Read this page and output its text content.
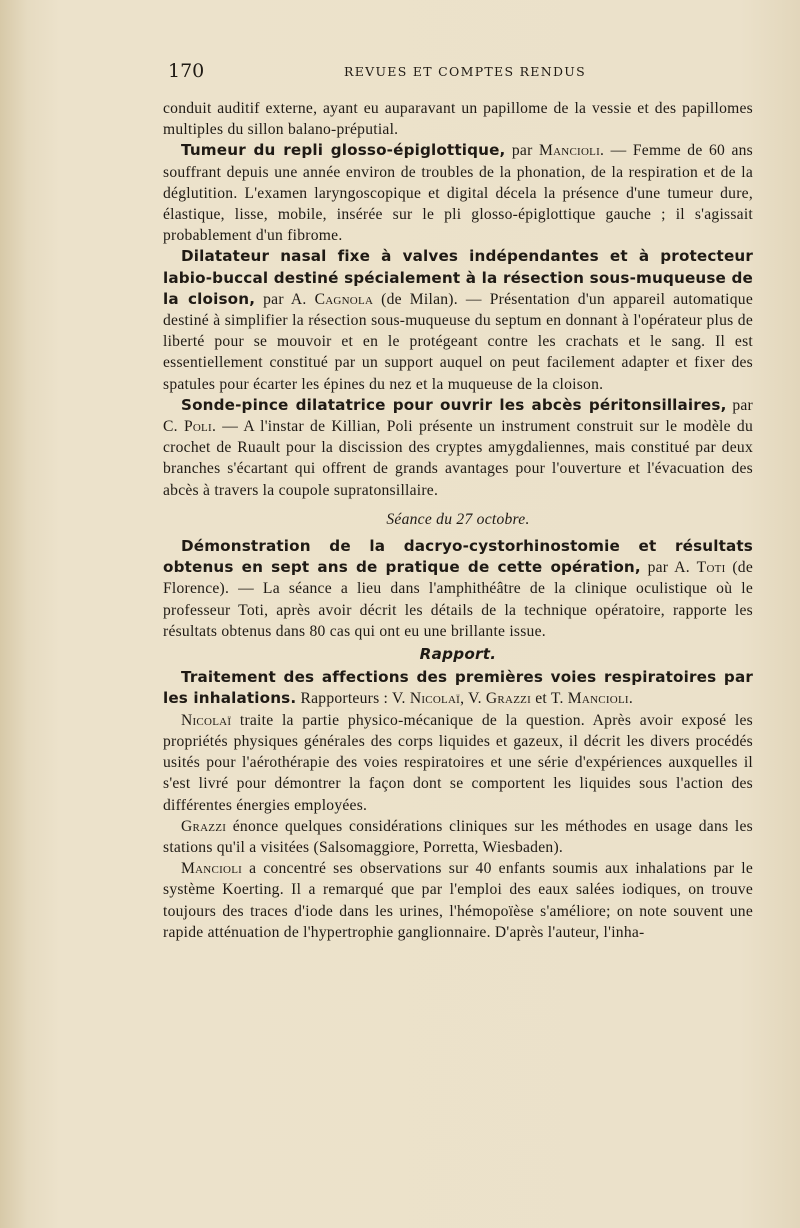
170	REVUES ET COMPTES RENDUS

conduit auditif externe, ayant eu auparavant un papillome de la vessie et des papillomes multiples du sillon balano-préputial.

Tumeur du repli glosso-épiglottique, par Mancioli. — Femme de 60 ans souffrant depuis une année environ de troubles de la phonation, de la respiration et de la déglutition. L'examen laryngoscopique et digital décela la présence d'une tumeur dure, élastique, lisse, mobile, insérée sur le pli glosso-épiglottique gauche ; il s'agissait probablement d'un fibrome.

Dilatateur nasal fixe à valves indépendantes et à protecteur labio-buccal destiné spécialement à la résection sous-muqueuse de la cloison, par A. Cagnola (de Milan). — Présentation d'un appareil automatique destiné à simplifier la résection sous-muqueuse du septum en donnant à l'opérateur plus de liberté pour se mouvoir et en le protégeant contre les crachats et le sang. Il est essentiellement constitué par un support auquel on peut facilement adapter et fixer des spatules pour écarter les épines du nez et la muqueuse de la cloison.

Sonde-pince dilatatrice pour ouvrir les abcès péritonsillaires, par C. Poli. — A l'instar de Killian, Poli présente un instrument construit sur le modèle du crochet de Ruault pour la discission des cryptes amygdaliennes, mais constitué par deux branches s'écartant qui offrent de grands avantages pour l'ouverture et l'évacuation des abcès à travers la coupole supratonsillaire.

Séance du 27 octobre.

Démonstration de la dacryo-cystorhinostomie et résultats obtenus en sept ans de pratique de cette opération, par A. Toti (de Florence). — La séance a lieu dans l'amphithéâtre de la clinique oculistique où le professeur Toti, après avoir décrit les détails de la technique opératoire, rapporte les résultats obtenus dans 80 cas qui ont eu une brillante issue.

Rapport.

Traitement des affections des premières voies respiratoires par les inhalations. Rapporteurs : V. Nicolaï, V. Grazzi et T. Mancioli.

Nicolaï traite la partie physico-mécanique de la question. Après avoir exposé les propriétés physiques générales des corps liquides et gazeux, il décrit les divers procédés usités pour l'aérothérapie des voies respiratoires et une série d'expériences auxquelles il s'est livré pour démontrer la façon dont se comportent les liquides sous l'action des différentes énergies employées.

Grazzi énonce quelques considérations cliniques sur les méthodes en usage dans les stations qu'il a visitées (Salsomaggiore, Porretta, Wiesbaden).

Mancioli a concentré ses observations sur 40 enfants soumis aux inhalations par le système Koerting. Il a remarqué que par l'emploi des eaux salées iodiques, on trouve toujours des traces d'iode dans les urines, l'hémopoïèse s'améliore; on note souvent une rapide atténuation de l'hypertrophie ganglionnaire. D'après l'auteur, l'inha-
